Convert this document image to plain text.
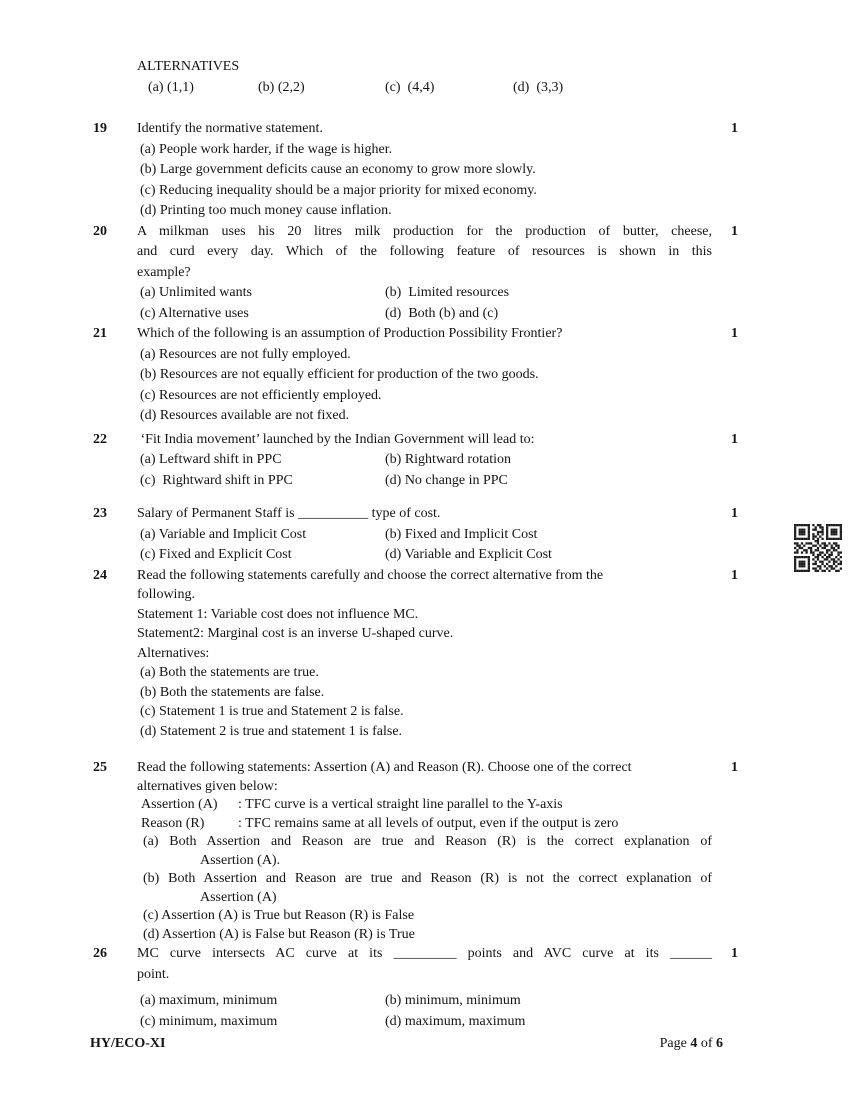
ALTERNATIVES
(a) (1,1)	(b) (2,2)	(c)  (4,4)	(d)  (3,3)
19	Identify the normative statement.
(a) People work harder, if the wage is higher.
(b) Large government deficits cause an economy to grow more slowly.
(c) Reducing inequality should be a major priority for mixed economy.
(d) Printing too much money cause inflation.
1
20	A milkman uses his 20 litres milk production for the production of butter, cheese,
and curd every day. Which of the following feature of resources is shown in this
example?
(a) Unlimited wants	(b)  Limited resources
(c) Alternative uses	(d)  Both (b) and (c)
1
21	Which of the following is an assumption of Production Possibility Frontier?
(a) Resources are not fully employed.
(b) Resources are not equally efficient for production of the two goods.
(c) Resources are not efficiently employed.
(d) Resources available are not fixed.
1
22	‘Fit India movement’ launched by the Indian Government will lead to:
(a) Leftward shift in PPC	(b) Rightward rotation
(c)  Rightward shift in PPC	(d) No change in PPC
1
23	Salary of Permanent Staff is __________ type of cost.
(a) Variable and Implicit Cost	(b) Fixed and Implicit Cost
(c) Fixed and Explicit Cost	(d) Variable and Explicit Cost
1
24	Read the following statements carefully and choose the correct alternative from the
following.
Statement 1: Variable cost does not influence MC.
Statement2: Marginal cost is an inverse U-shaped curve.
Alternatives:
(a) Both the statements are true.
(b) Both the statements are false.
(c) Statement 1 is true and Statement 2 is false.
(d) Statement 2 is true and statement 1 is false.
1
25	Read the following statements: Assertion (A) and Reason (R). Choose one of the correct
alternatives given below:
Assertion (A)	: TFC curve is a vertical straight line parallel to the Y-axis
Reason (R)	: TFC remains same at all levels of output, even if the output is zero
(a) Both Assertion and Reason are true and Reason (R) is the correct explanation of
Assertion (A).
(b) Both Assertion and Reason are true and Reason (R) is not the correct explanation of
Assertion (A)
(c) Assertion (A) is True but Reason (R) is False
(d) Assertion (A) is False but Reason (R) is True
1
26	MC curve intersects AC curve at its _________ points and AVC curve at its ______
point.
(a) maximum, minimum	(b) minimum, minimum
(c) minimum, maximum	(d) maximum, maximum
1
HY/ECO-XI	Page 4 of 6
